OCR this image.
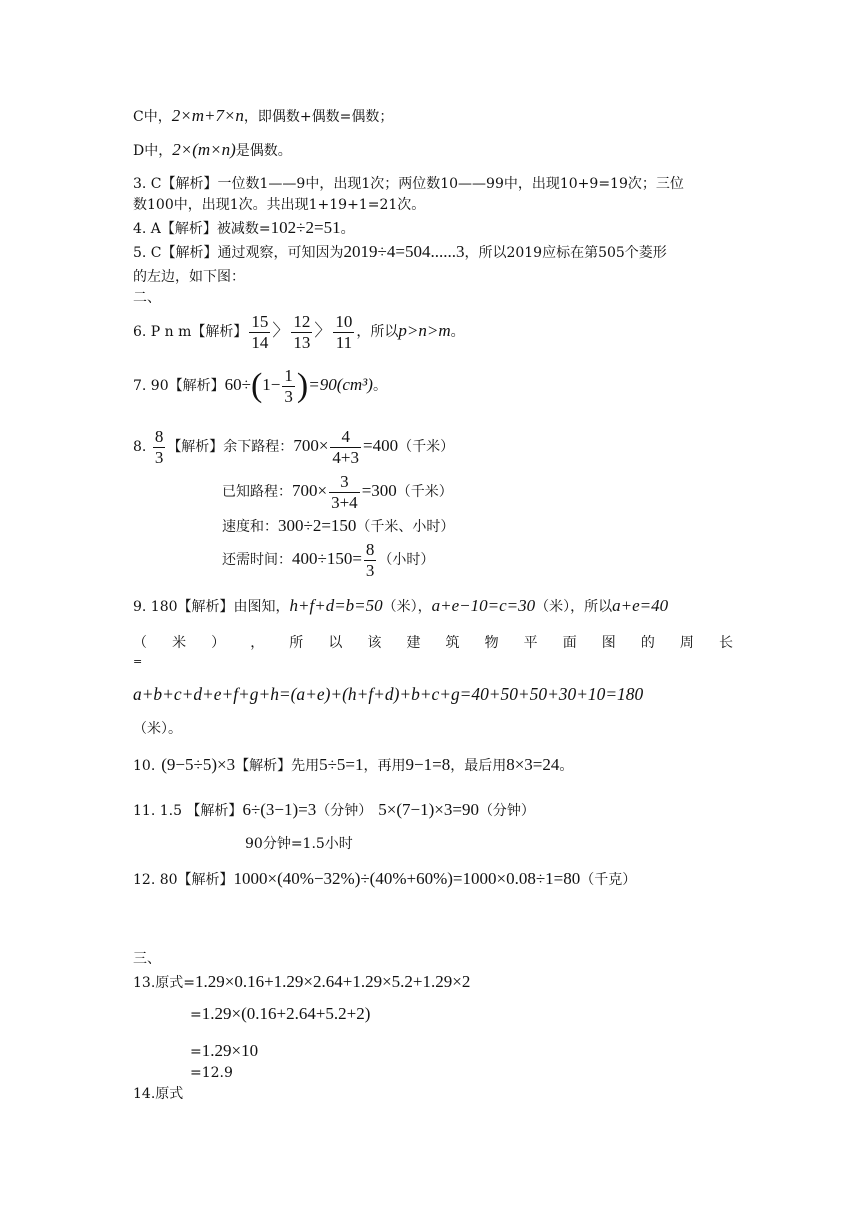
C中，2×m+7×n，即偶数+偶数=偶数；
D中，2×(m×n)是偶数。
3. C【解析】一位数1——9中，出现1次；两位数10——99中，出现10+9=19次；三位
数100中，出现1次。共出现1+19+1=21次。
4. A【解析】被减数=102÷2=51。
5. C【解析】通过观察，可知因为2019÷4=504......3，所以2019应标在第505个菱形
的左边，如下图：
二、
6. P n m【解析】 $\frac{15}{14}$ 〉 $\frac{12}{13}$ 〉 $\frac{10}{11}$ ，所以p>n>m。
7. 90【解析】$60\div(1- \frac{1}{3} )=90(cm^3)$。
8. $\frac{8}{3}$ 【解析】余下路程：$700\times \frac{4}{4+3} =400$（千米）
已知路程：$700\times \frac{3}{3+4} =300$（千米）
速度和：300÷2=150（千米、小时）
还需时间：$400\div 150= \frac{8}{3}$ （小时）
9. 180【解析】由图知，h+f+d=b=50（米），a+e−10=c=30（米），所以a+e=40
（ 米 ） ， 所 以 该 建 筑 物 平 面 图 的 周 长
=
a+b+c+d+e+f+g+h=(a+e)+(h+f+d)+b+c+g=40+50+50+30+10=180
（米）。
10. (9−5÷5)×3【解析】先用5÷5=1，再用9−1=8，最后用8×3=24。
11. 1.5 【解析】6÷(3−1)=3（分钟） 5×(7−1)×3=90（分钟）
90分钟=1.5小时
12. 80【解析】1000×(40%−32%)÷(40%+60%)=1000×0.08÷1=80（千克）
三、
13.原式=1.29×0.16+1.29×2.64+1.29×5.2+1.29×2
=1.29×(0.16+2.64+5.2+2)
=1.29×10
=12.9
14.原式
